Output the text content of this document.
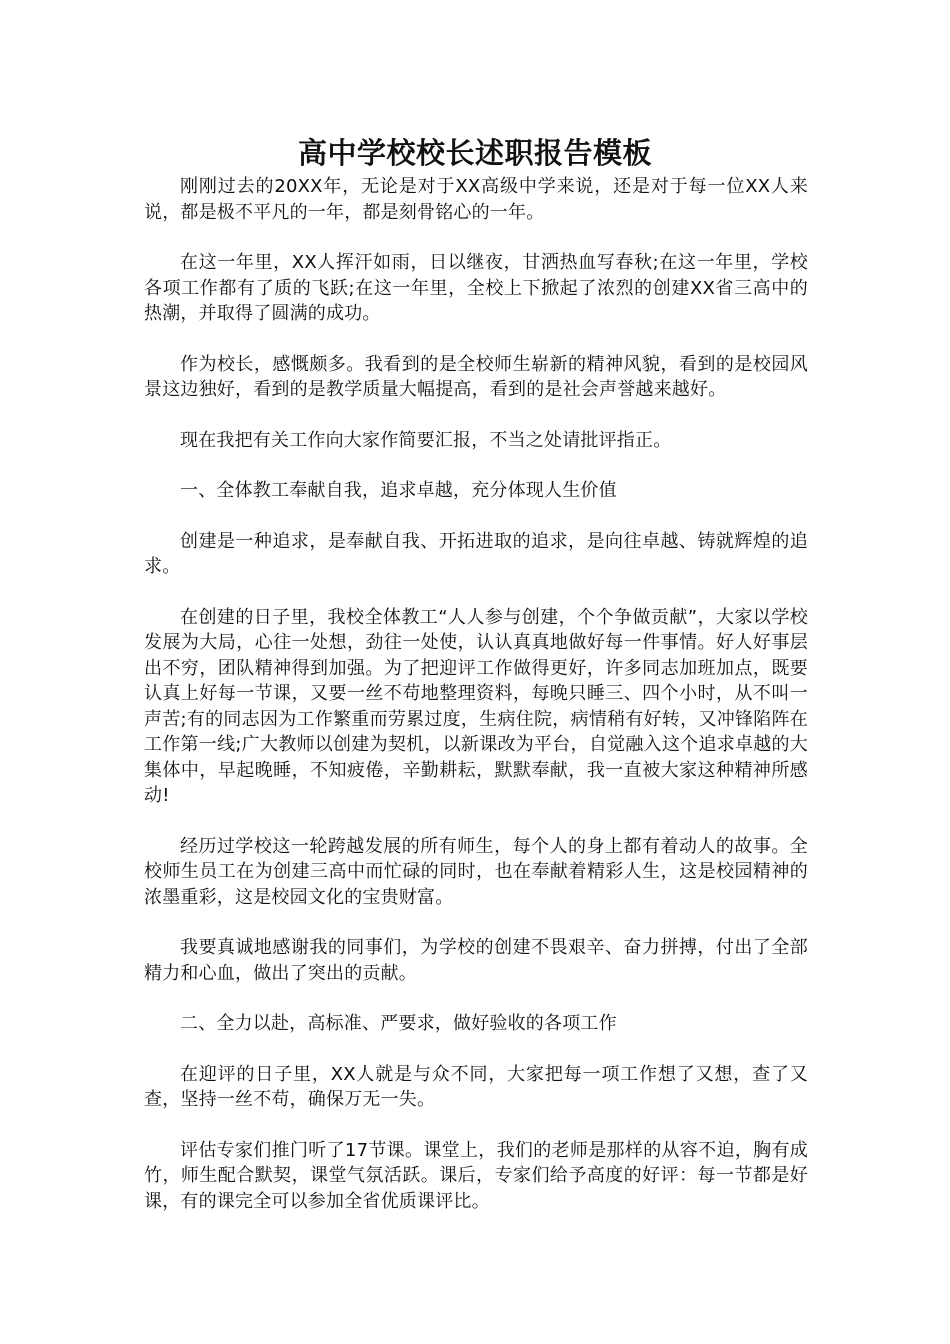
高中学校校长述职报告模板

刚刚过去的20XX年，无论是对于XX高级中学来说，还是对于每一位XX人来说，都是极不平凡的一年，都是刻骨铭心的一年。

在这一年里，XX人挥汗如雨，日以继夜，甘洒热血写春秋;在这一年里，学校各项工作都有了质的飞跃;在这一年里，全校上下掀起了浓烈的创建XX省三高中的热潮，并取得了圆满的成功。

作为校长，感慨颇多。我看到的是全校师生崭新的精神风貌，看到的是校园风景这边独好，看到的是教学质量大幅提高，看到的是社会声誉越来越好。

现在我把有关工作向大家作简要汇报，不当之处请批评指正。

一、全体教工奉献自我，追求卓越，充分体现人生价值

创建是一种追求，是奉献自我、开拓进取的追求，是向往卓越、铸就辉煌的追求。

在创建的日子里，我校全体教工“人人参与创建，个个争做贡献”，大家以学校发展为大局，心往一处想，劲往一处使，认认真真地做好每一件事情。好人好事层出不穷，团队精神得到加强。为了把迎评工作做得更好，许多同志加班加点，既要认真上好每一节课，又要一丝不苟地整理资料，每晚只睡三、四个小时，从不叫一声苦;有的同志因为工作繁重而劳累过度，生病住院，病情稍有好转，又冲锋陷阵在工作第一线;广大教师以创建为契机，以新课改为平台，自觉融入这个追求卓越的大集体中，早起晚睡，不知疲倦，辛勤耕耘，默默奉献，我一直被大家这种精神所感动!

经历过学校这一轮跨越发展的所有师生，每个人的身上都有着动人的故事。全校师生员工在为创建三高中而忙碌的同时，也在奉献着精彩人生，这是校园精神的浓墨重彩，这是校园文化的宝贵财富。

我要真诚地感谢我的同事们，为学校的创建不畏艰辛、奋力拼搏，付出了全部精力和心血，做出了突出的贡献。

二、全力以赴，高标准、严要求，做好验收的各项工作

在迎评的日子里，XX人就是与众不同，大家把每一项工作想了又想，查了又查，坚持一丝不苟，确保万无一失。

评估专家们推门听了17节课。课堂上，我们的老师是那样的从容不迫，胸有成竹，师生配合默契，课堂气氛活跃。课后，专家们给予高度的好评：每一节都是好课，有的课完全可以参加全省优质课评比。
